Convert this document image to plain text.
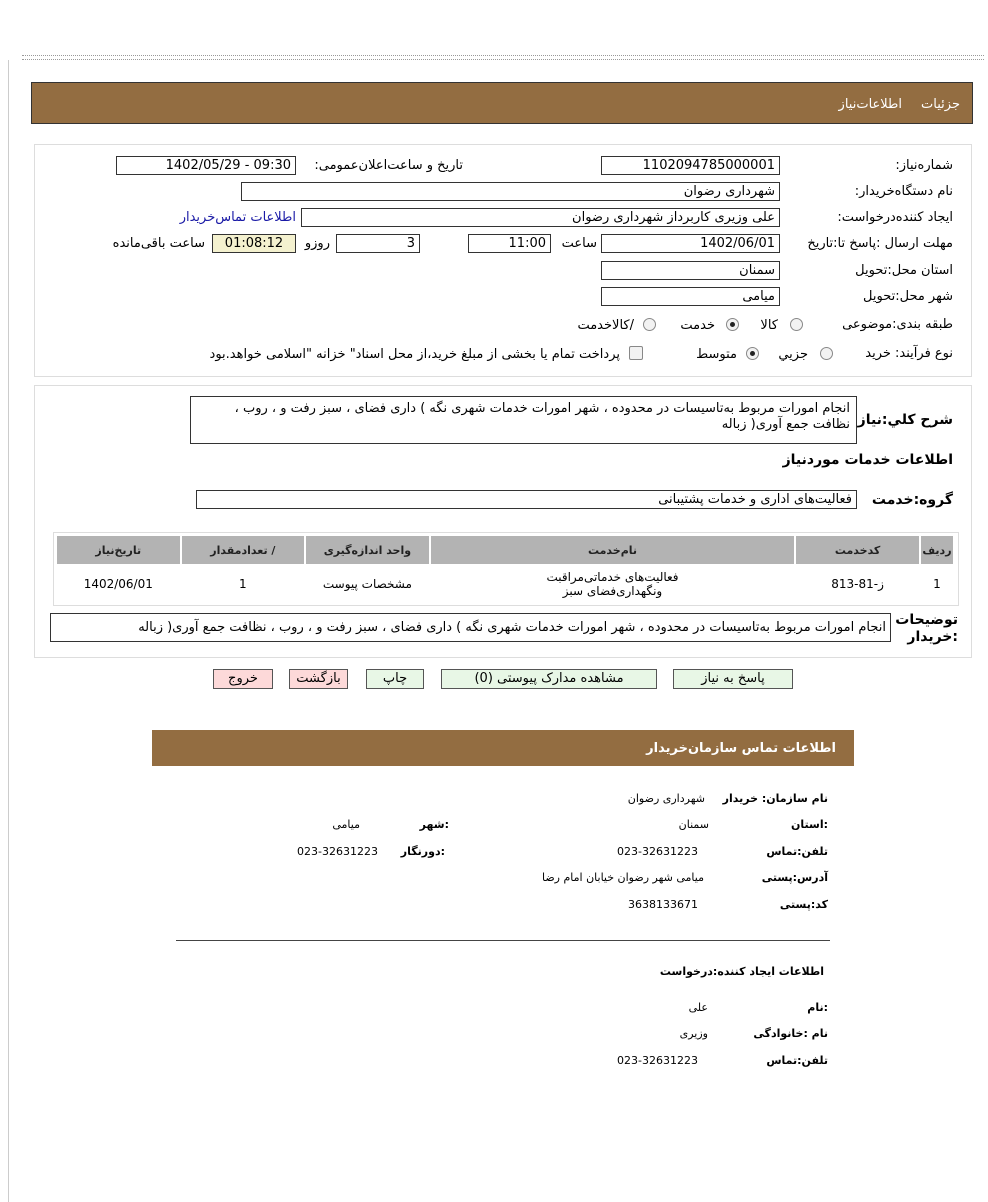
جزئیات
اطلاعات‌نیاز
شماره‌نیاز:
1102094785000001
تاریخ و ساعت‌اعلان‌عمومی:
1402/05/29 - 09:30
نام دستگاه‌خریدار:
شهرداری رضوان
ایجاد کننده‌درخواست:
علی وزیری کاربرداز شهرداری رضوان
اطلاعات تماس‌خریدار
مهلت ارسال :پاسخ تا:تاریخ
1402/06/01
ساعت
11:00
3
روزو
01:08:12
ساعت باقی‌مانده
استان محل:تحویل
سمنان
شهر محل:تحویل
میامی
طبقه بندی:موضوعی
کالا
خدمت
/کالاخدمت
نوع فرآیند: خرید
جزيي
متوسط
پرداخت تمام یا بخشی از مبلغ خرید،از محل اسناد" خزانه "اسلامی خواهد.بود
شرح کلي:نیاز
انجام امورات مربوط به‌تاسیسات در محدوده ، شهر امورات خدمات شهری نگه ) داری فضای ، سبز رفت و ، روب ، نظافت جمع آوری( زباله
اطلاعات خدمات موردنیاز
گروه:خدمت
فعالیت‌های اداری و خدمات پشتیبانی
ردیف	کدخدمت	نام‌خدمت	واحد اندازه‌گیری	/ تعدادمقدار	تاریخ‌نیاز
1	ز-81-813	فعالیت‌های خدماتی‌مراقبت و‌نگهداری‌فضای سبز	مشخصات پیوست	1	1402/06/01
توضیحات :خریدار
انجام امورات مربوط به‌تاسیسات در محدوده ، شهر امورات خدمات شهری نگه ) داری فضای ، سبز رفت و ، روب ، نظافت جمع آوری( زباله
پاسخ به نیاز
مشاهده مدارک پیوستی (0)
چاپ
بازگشت
خروج
اطلاعات تماس سازمان‌خریدار
نام سازمان: خریدار
شهرداری رضوان
:استان
سمنان
:شهر
میامی
تلفن:تماس
023-32631223
:دورنگار
023-32631223
آدرس:پستی
میامی شهر رضوان خیابان امام رضا
کد:پستی
3638133671
اطلاعات ایجاد کننده:درخواست
:نام
علی
نام :خانوادگی
وزیری
تلفن:تماس
023-32631223
